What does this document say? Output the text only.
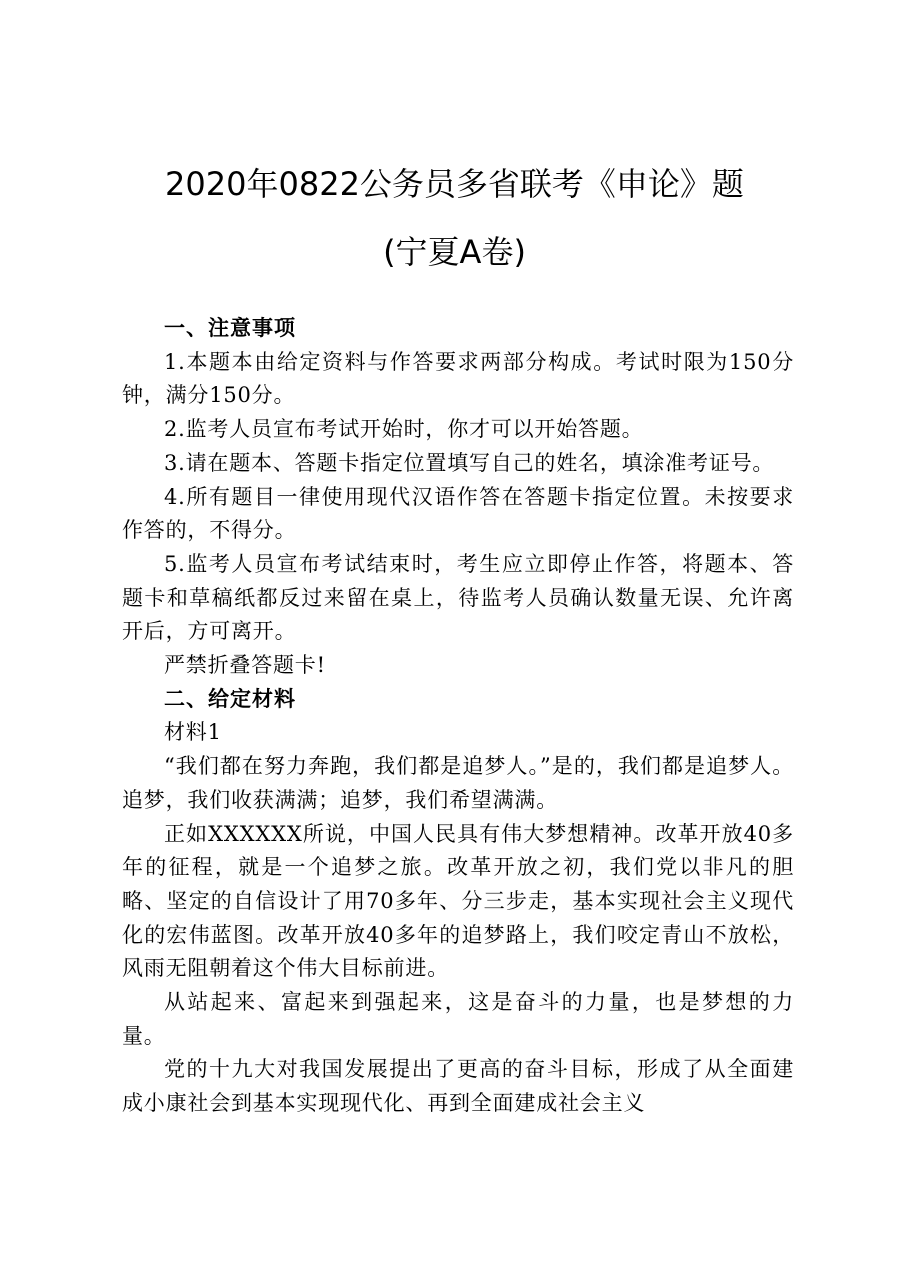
2020年0822公务员多省联考《申论》题
(宁夏A卷)

一、注意事项

1.本题本由给定资料与作答要求两部分构成。考试时限为150分钟，满分150分。

2.监考人员宣布考试开始时，你才可以开始答题。

3.请在题本、答题卡指定位置填写自己的姓名，填涂准考证号。

4.所有题目一律使用现代汉语作答在答题卡指定位置。未按要求作答的，不得分。

5.监考人员宣布考试结束时，考生应立即停止作答，将题本、答题卡和草稿纸都反过来留在桌上，待监考人员确认数量无误、允许离开后，方可离开。

严禁折叠答题卡!

二、给定材料

材料1

“我们都在努力奔跑，我们都是追梦人。”是的，我们都是追梦人。追梦，我们收获满满；追梦，我们希望满满。

正如XXXXXX所说，中国人民具有伟大梦想精神。改革开放40多年的征程，就是一个追梦之旅。改革开放之初，我们党以非凡的胆略、坚定的自信设计了用70多年、分三步走，基本实现社会主义现代化的宏伟蓝图。改革开放40多年的追梦路上，我们咬定青山不放松，风雨无阻朝着这个伟大目标前进。

从站起来、富起来到强起来，这是奋斗的力量，也是梦想的力量。

党的十九大对我国发展提出了更高的奋斗目标，形成了从全面建成小康社会到基本实现现代化、再到全面建成社会主义
